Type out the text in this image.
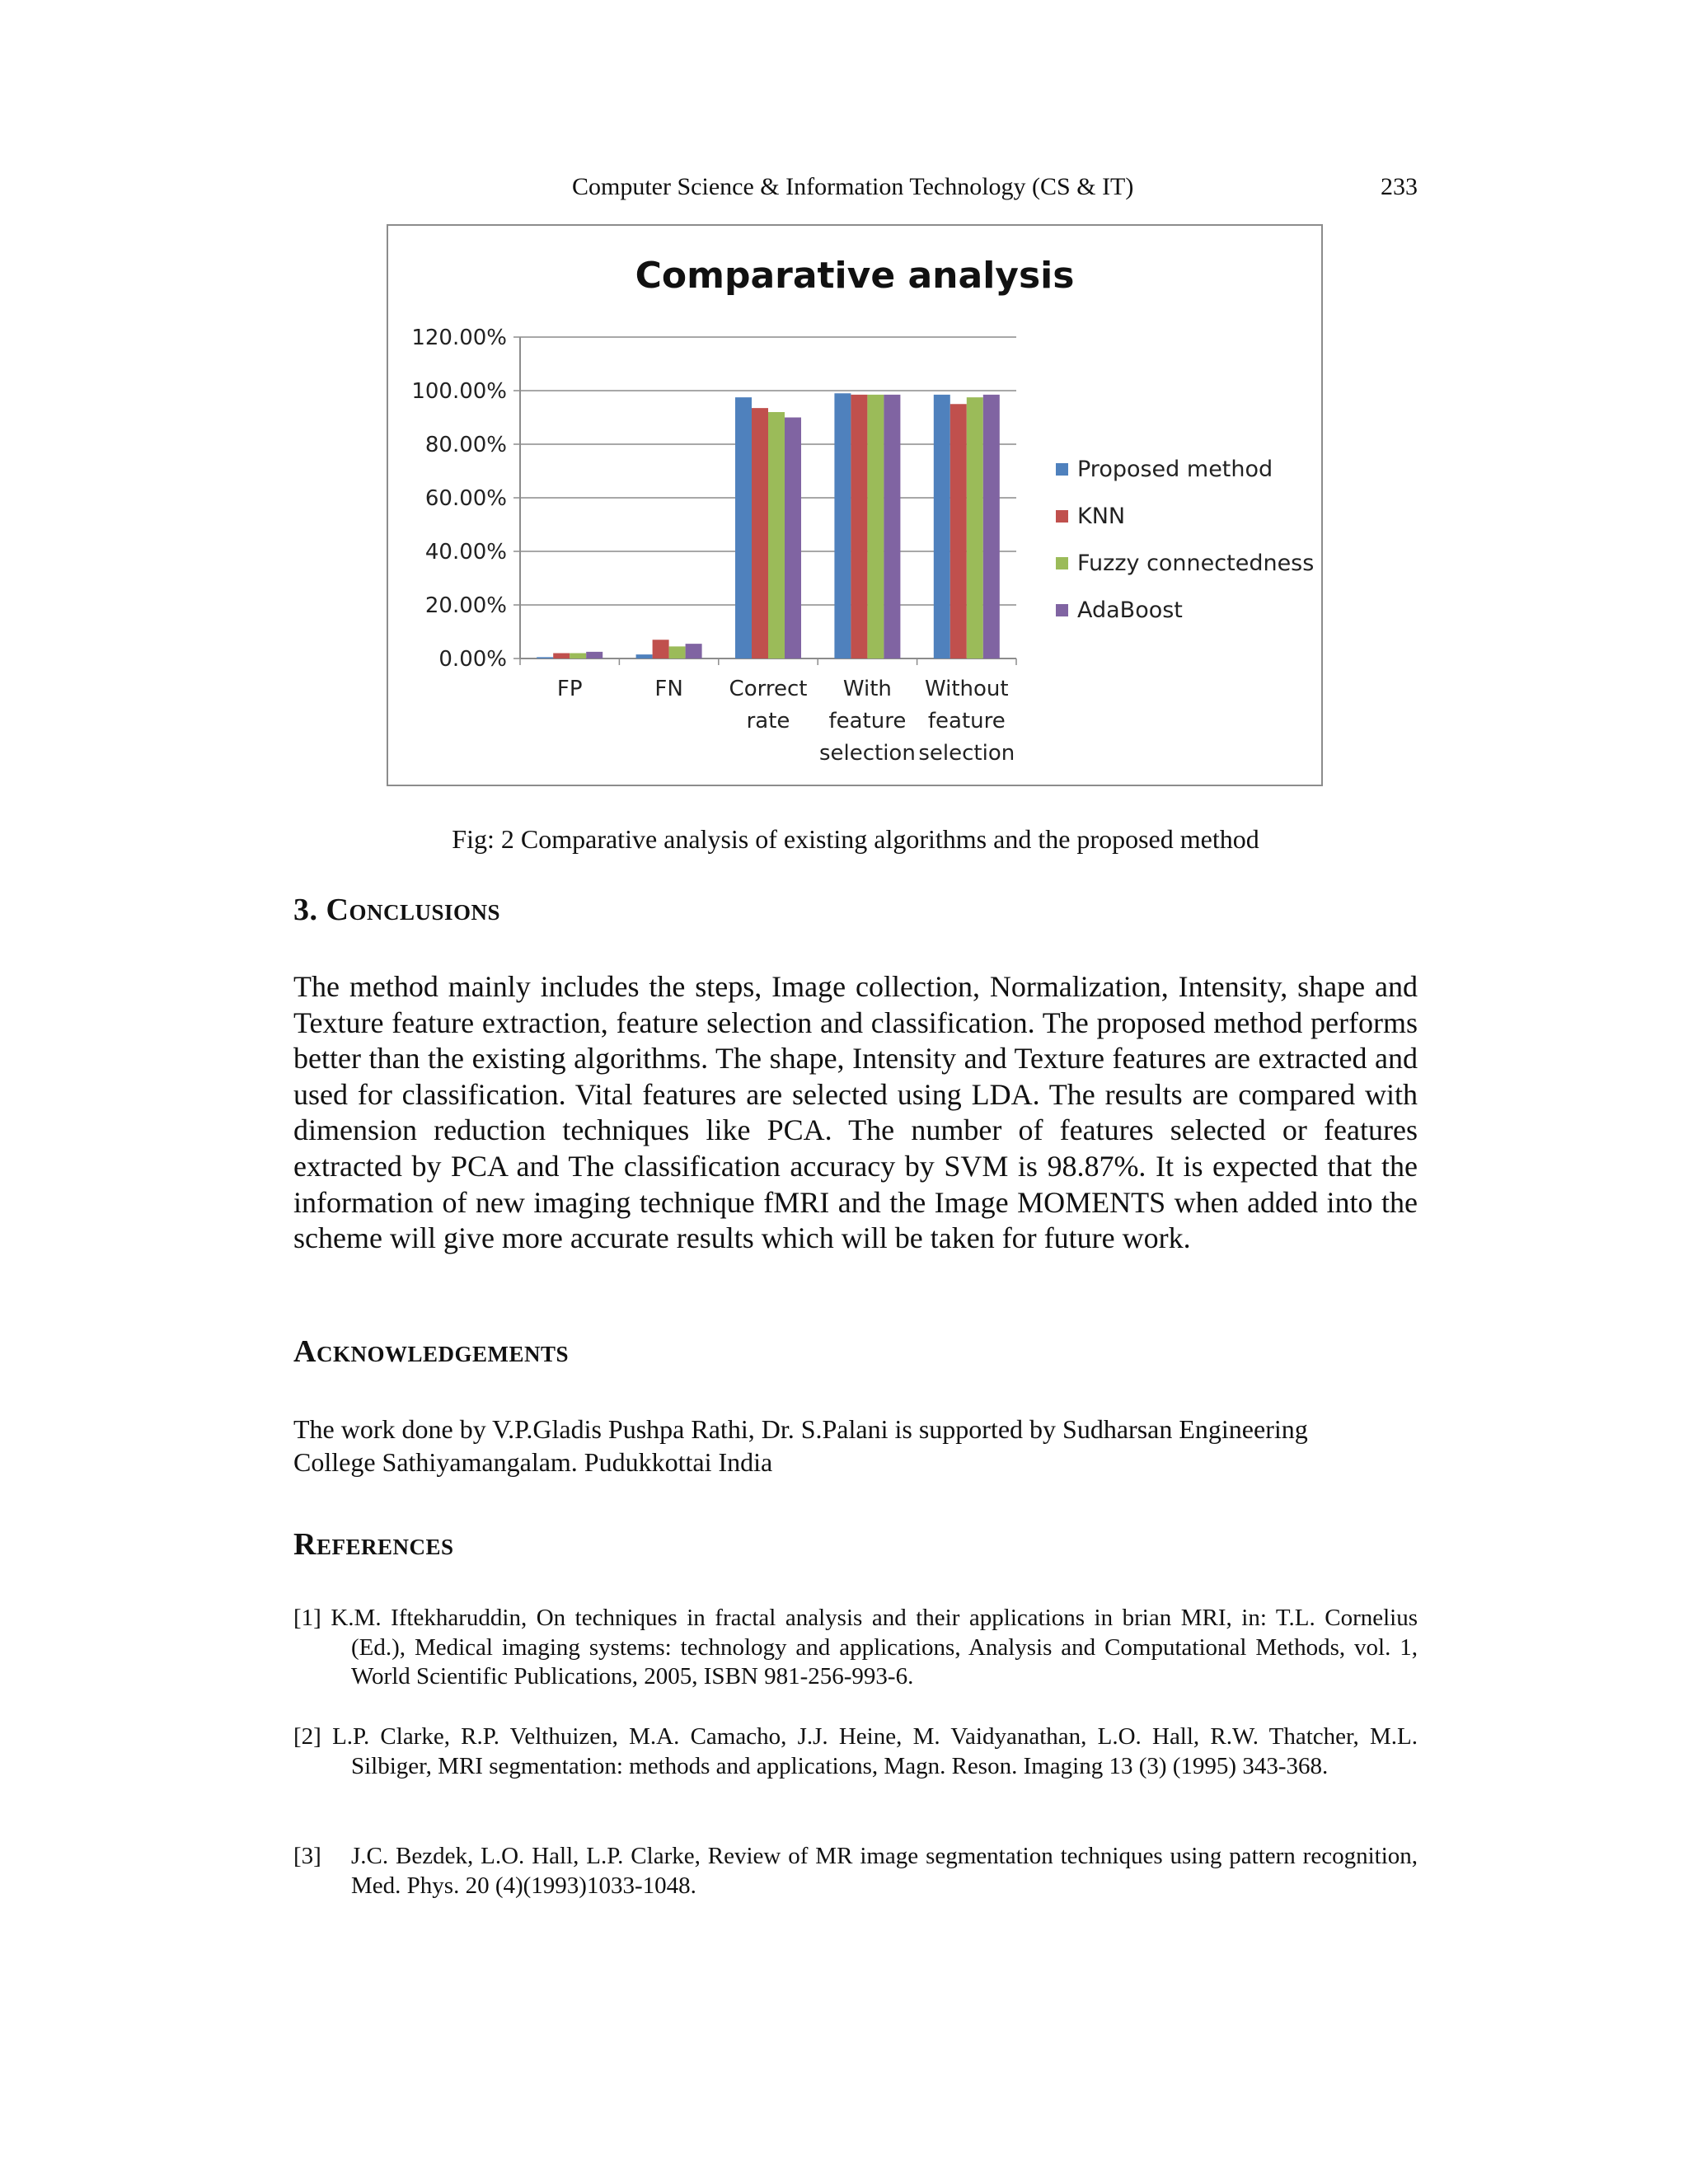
Computer Science & Information Technology (CS & IT)	233
Comparative analysis
0.00%
20.00%
40.00%
60.00%
80.00%
100.00%
120.00%
FP	FN Correct
rate
With
feature
selection
Without
feature
selection
Proposed method
KNN
Fuzzy connectedness
AdaBoost
Fig: 2 Comparative analysis of existing algorithms and the proposed method
3. Conclusions
The method mainly includes the steps, Image collection, Normalization, Intensity, shape and Texture feature extraction, feature selection and classification. The proposed method performs better than the existing algorithms. The shape, Intensity and Texture features are extracted and used for classification. Vital features are selected using LDA. The results are compared with dimension reduction techniques like PCA. The number of features selected or features extracted by PCA and The classification accuracy by SVM is 98.87%. It is expected that the information of new imaging technique fMRI and the Image MOMENTS when added into the scheme will give more accurate results which will be taken for future work.
Acknowledgements
The work done by V.P.Gladis Pushpa Rathi, Dr. S.Palani is supported by Sudharsan Engineering
College Sathiyamangalam. Pudukkottai India
References
[1] K.M. Iftekharuddin, On techniques in fractal analysis and their applications in brian MRI, in: T.L. Cornelius (Ed.), Medical imaging systems: technology and applications, Analysis and Computational Methods, vol. 1, World Scientific Publications, 2005, ISBN 981-256-993-6.
[2] L.P. Clarke, R.P. Velthuizen, M.A. Camacho, J.J. Heine, M. Vaidyanathan, L.O. Hall, R.W. Thatcher, M.L. Silbiger, MRI segmentation: methods and applications, Magn. Reson. Imaging 13 (3) (1995) 343-368.
[3]	J.C. Bezdek, L.O. Hall, L.P. Clarke, Review of MR image segmentation techniques using pattern recognition, Med. Phys. 20 (4)(1993)1033-1048.
